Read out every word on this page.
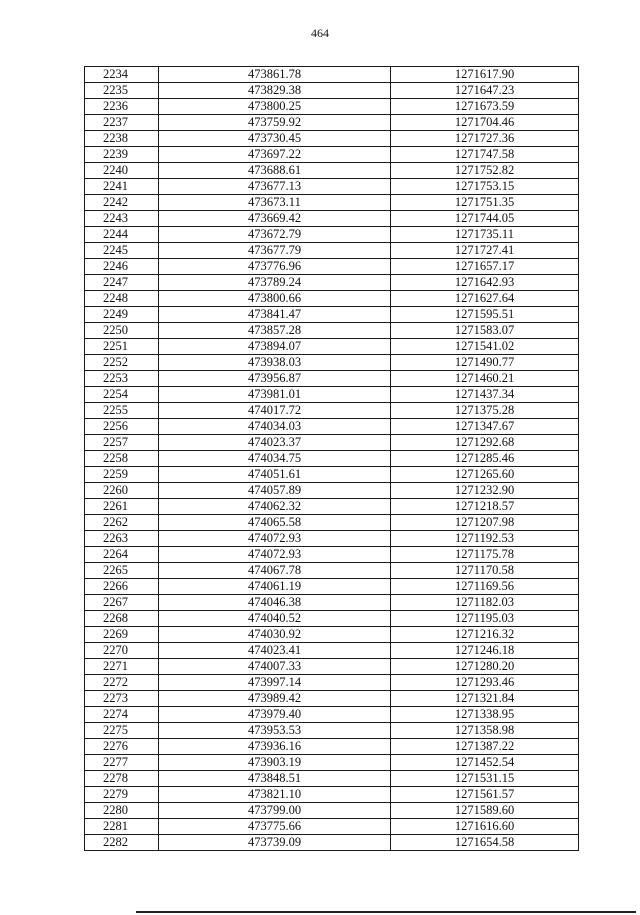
464
2234	473861.78	1271617.90
2235	473829.38	1271647.23
2236	473800.25	1271673.59
2237	473759.92	1271704.46
2238	473730.45	1271727.36
2239	473697.22	1271747.58
2240	473688.61	1271752.82
2241	473677.13	1271753.15
2242	473673.11	1271751.35
2243	473669.42	1271744.05
2244	473672.79	1271735.11
2245	473677.79	1271727.41
2246	473776.96	1271657.17
2247	473789.24	1271642.93
2248	473800.66	1271627.64
2249	473841.47	1271595.51
2250	473857.28	1271583.07
2251	473894.07	1271541.02
2252	473938.03	1271490.77
2253	473956.87	1271460.21
2254	473981.01	1271437.34
2255	474017.72	1271375.28
2256	474034.03	1271347.67
2257	474023.37	1271292.68
2258	474034.75	1271285.46
2259	474051.61	1271265.60
2260	474057.89	1271232.90
2261	474062.32	1271218.57
2262	474065.58	1271207.98
2263	474072.93	1271192.53
2264	474072.93	1271175.78
2265	474067.78	1271170.58
2266	474061.19	1271169.56
2267	474046.38	1271182.03
2268	474040.52	1271195.03
2269	474030.92	1271216.32
2270	474023.41	1271246.18
2271	474007.33	1271280.20
2272	473997.14	1271293.46
2273	473989.42	1271321.84
2274	473979.40	1271338.95
2275	473953.53	1271358.98
2276	473936.16	1271387.22
2277	473903.19	1271452.54
2278	473848.51	1271531.15
2279	473821.10	1271561.57
2280	473799.00	1271589.60
2281	473775.66	1271616.60
2282	473739.09	1271654.58
